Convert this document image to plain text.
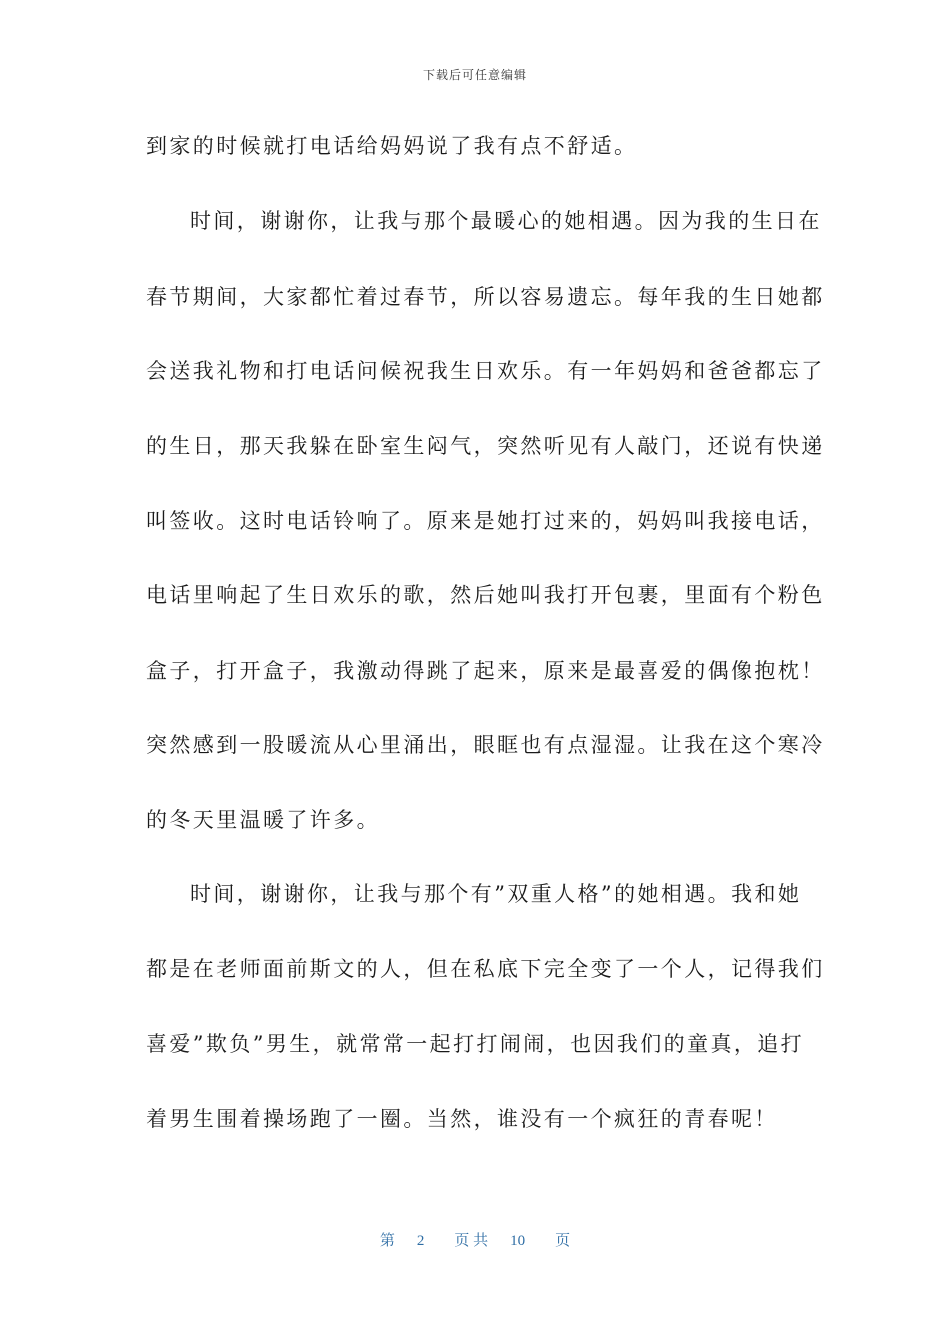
下载后可任意编辑
到家的时候就打电话给妈妈说了我有点不舒适。
时间，谢谢你，让我与那个最暖心的她相遇。因为我的生日在
春节期间，大家都忙着过春节，所以容易遗忘。每年我的生日她都
会送我礼物和打电话问候祝我生日欢乐。有一年妈妈和爸爸都忘了
的生日，那天我躲在卧室生闷气，突然听见有人敲门，还说有快递
叫签收。这时电话铃响了。原来是她打过来的，妈妈叫我接电话，
电话里响起了生日欢乐的歌，然后她叫我打开包裹，里面有个粉色
盒子，打开盒子，我激动得跳了起来，原来是最喜爱的偶像抱枕！
突然感到一股暖流从心里涌出，眼眶也有点湿湿。让我在这个寒冷
的冬天里温暖了许多。
时间，谢谢你，让我与那个有”双重人格”的她相遇。我和她
都是在老师面前斯文的人，但在私底下完全变了一个人，记得我们
喜爱”欺负”男生，就常常一起打打闹闹，也因我们的童真，追打
着男生围着操场跑了一圈。当然，谁没有一个疯狂的青春呢！
第 2 页 共 10 页
